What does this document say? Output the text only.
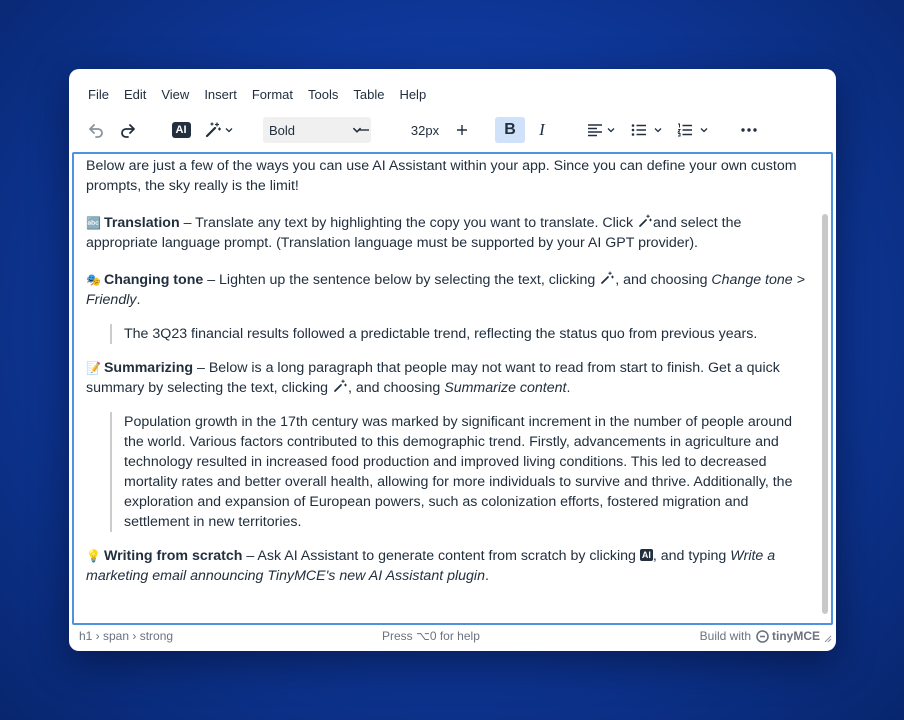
File Edit View Insert Format Tools Table Help
AI	Bold	32px	B I

Below are just a few of the ways you can use AI Assistant within your app. Since you can define your own custom prompts, the sky really is the limit!

🔤 Translation – Translate any text by highlighting the copy you want to translate. Click and select the appropriate language prompt. (Translation language must be supported by your AI GPT provider).

🎭 Changing tone – Lighten up the sentence below by selecting the text, clicking , and choosing Change tone > Friendly.

The 3Q23 financial results followed a predictable trend, reflecting the status quo from previous years.

📝 Summarizing – Below is a long paragraph that people may not want to read from start to finish. Get a quick summary by selecting the text, clicking , and choosing Summarize content.

Population growth in the 17th century was marked by significant increment in the number of people around the world. Various factors contributed to this demographic trend. Firstly, advancements in agriculture and technology resulted in increased food production and improved living conditions. This led to decreased mortality rates and better overall health, allowing for more individuals to survive and thrive. Additionally, the exploration and expansion of European powers, such as colonization efforts, fostered migration and settlement in new territories.

💡 Writing from scratch – Ask AI Assistant to generate content from scratch by clicking AI , and typing Write a marketing email announcing TinyMCE's new AI Assistant plugin.

h1 › span › strong	Press ⌥0 for help	Build with tinyMCE
